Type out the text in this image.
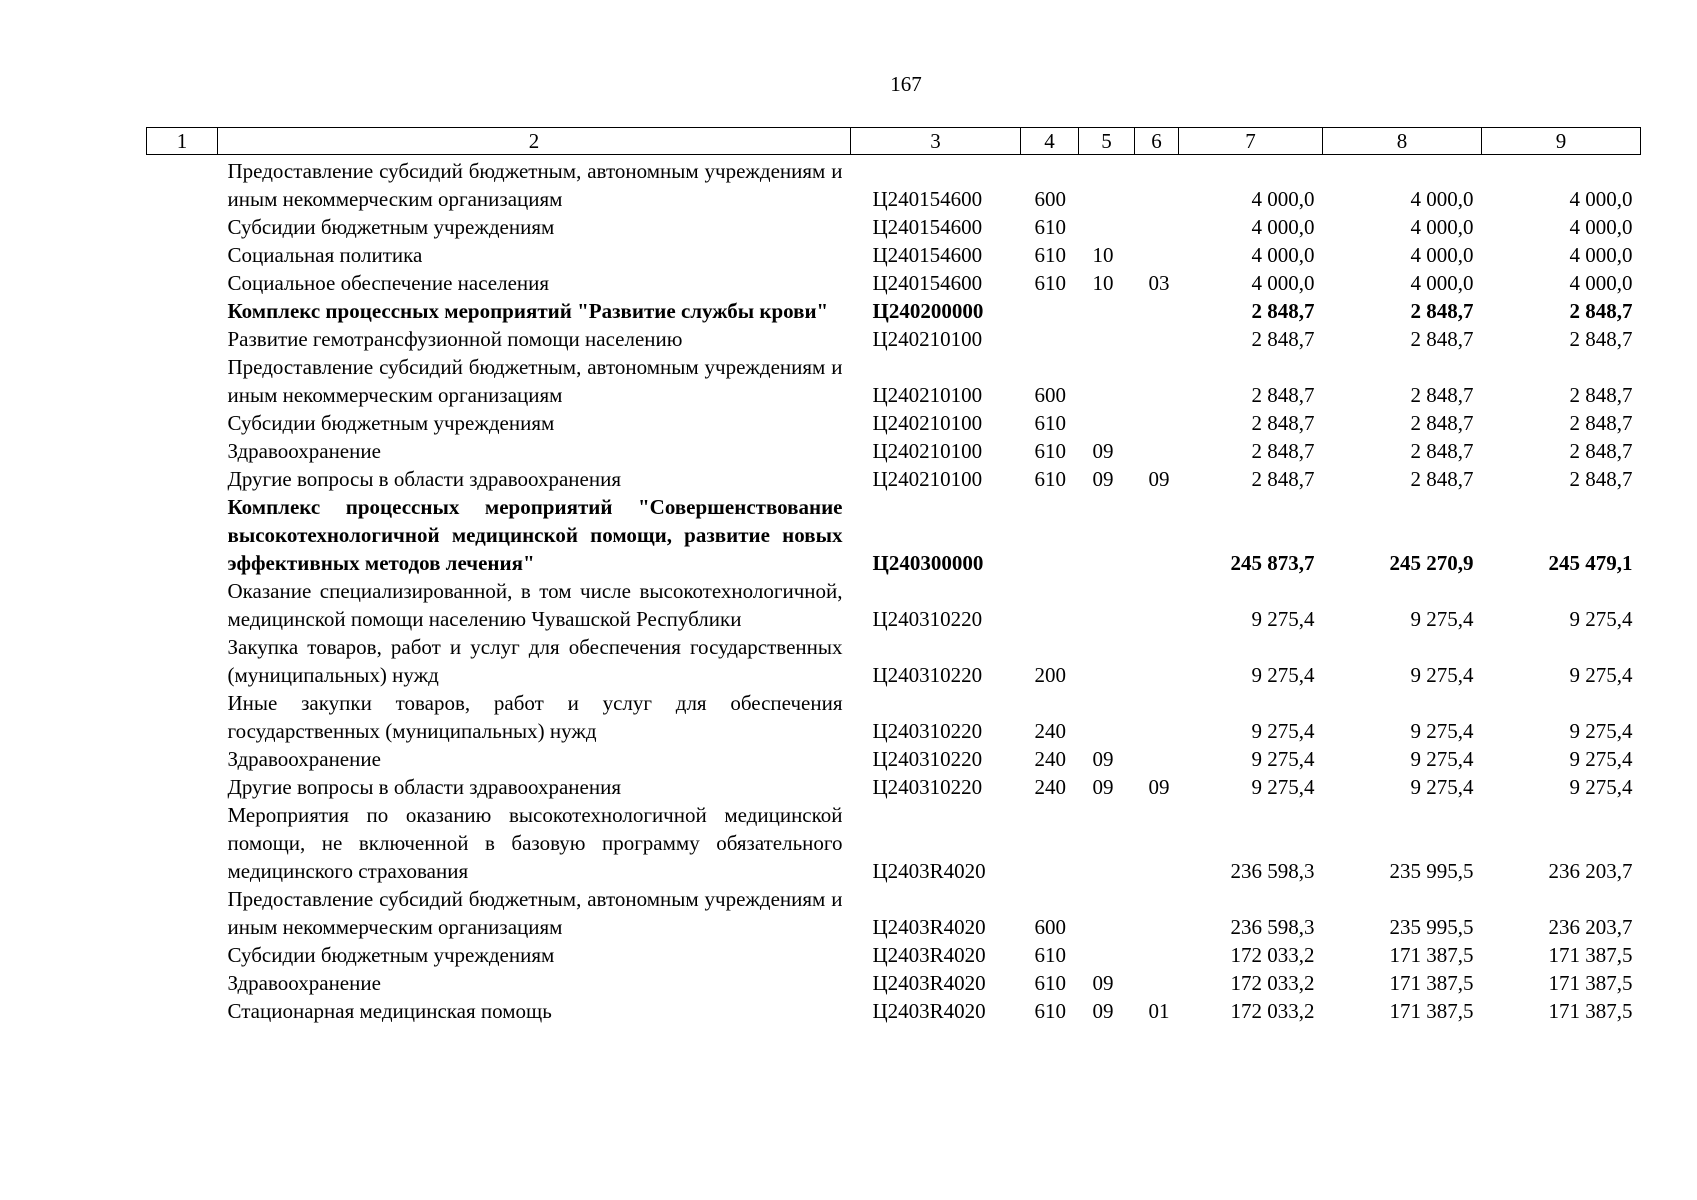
167
1	2	3	4	5	6	7	8	9
	Предоставление субсидий бюджетным, автономным учреждениям и иным некоммерческим организациям	Ц240154600	600			4 000,0	4 000,0	4 000,0
	Субсидии бюджетным учреждениям	Ц240154600	610			4 000,0	4 000,0	4 000,0
	Социальная политика	Ц240154600	610	10		4 000,0	4 000,0	4 000,0
	Социальное обеспечение населения	Ц240154600	610	10	03	4 000,0	4 000,0	4 000,0
	Комплекс процессных мероприятий "Развитие службы крови"	Ц240200000				2 848,7	2 848,7	2 848,7
	Развитие гемотрансфузионной помощи населению	Ц240210100				2 848,7	2 848,7	2 848,7
	Предоставление субсидий бюджетным, автономным учреждениям и иным некоммерческим организациям	Ц240210100	600			2 848,7	2 848,7	2 848,7
	Субсидии бюджетным учреждениям	Ц240210100	610			2 848,7	2 848,7	2 848,7
	Здравоохранение	Ц240210100	610	09		2 848,7	2 848,7	2 848,7
	Другие вопросы в области здравоохранения	Ц240210100	610	09	09	2 848,7	2 848,7	2 848,7
	Комплекс процессных мероприятий "Совершенствование высокотехнологичной медицинской помощи, развитие новых эффективных методов лечения"	Ц240300000				245 873,7	245 270,9	245 479,1
	Оказание специализированной, в том числе высокотехнологичной, медицинской помощи населению Чувашской Республики	Ц240310220				9 275,4	9 275,4	9 275,4
	Закупка товаров, работ и услуг для обеспечения государственных (муниципальных) нужд	Ц240310220	200			9 275,4	9 275,4	9 275,4
	Иные закупки товаров, работ и услуг для обеспечения государственных (муниципальных) нужд	Ц240310220	240			9 275,4	9 275,4	9 275,4
	Здравоохранение	Ц240310220	240	09		9 275,4	9 275,4	9 275,4
	Другие вопросы в области здравоохранения	Ц240310220	240	09	09	9 275,4	9 275,4	9 275,4
	Мероприятия по оказанию высокотехнологичной медицинской помощи, не включенной в базовую программу обязательного медицинского страхования	Ц2403R4020				236 598,3	235 995,5	236 203,7
	Предоставление субсидий бюджетным, автономным учреждениям и иным некоммерческим организациям	Ц2403R4020	600			236 598,3	235 995,5	236 203,7
	Субсидии бюджетным учреждениям	Ц2403R4020	610			172 033,2	171 387,5	171 387,5
	Здравоохранение	Ц2403R4020	610	09		172 033,2	171 387,5	171 387,5
	Стационарная медицинская помощь	Ц2403R4020	610	09	01	172 033,2	171 387,5	171 387,5
